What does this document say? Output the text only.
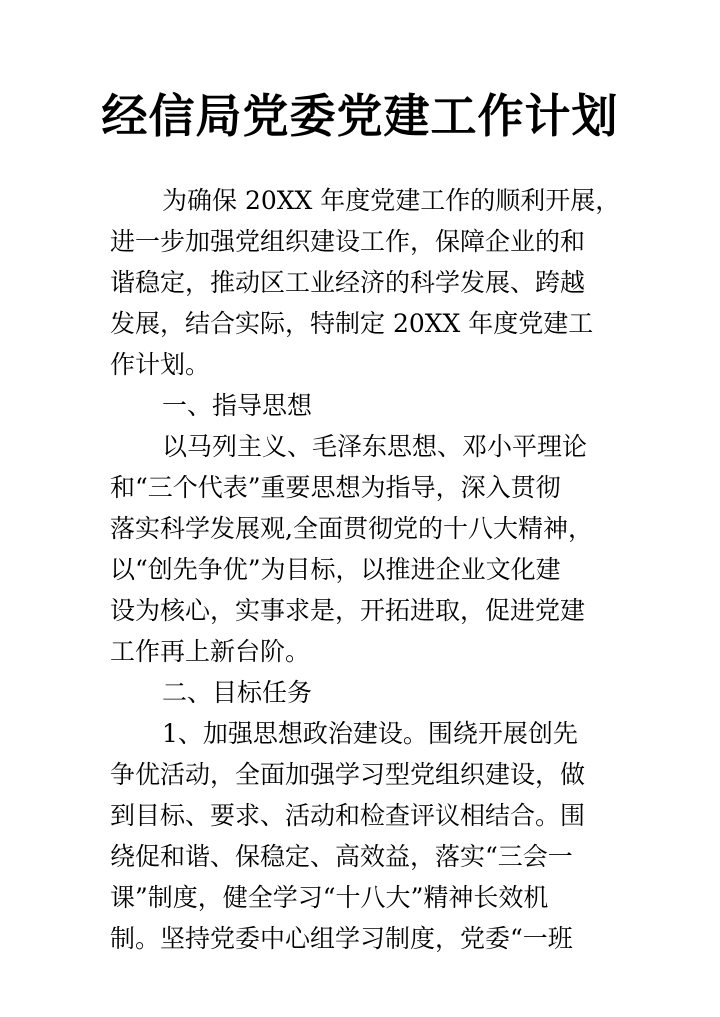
经信局党委党建工作计划
为确保 20XX 年度党建工作的顺利开展，
进一步加强党组织建设工作，保障企业的和
谐稳定，推动区工业经济的科学发展、跨越
发展，结合实际，特制定 20XX 年度党建工
作计划。
一、指导思想
以马列主义、毛泽东思想、邓小平理论
和“三个代表”重要思想为指导，深入贯彻
落实科学发展观,全面贯彻党的十八大精神，
以“创先争优”为目标，以推进企业文化建
设为核心，实事求是，开拓进取，促进党建
工作再上新台阶。
二、目标任务
1、加强思想政治建设。围绕开展创先
争优活动，全面加强学习型党组织建设，做
到目标、要求、活动和检查评议相结合。围
绕促和谐、保稳定、高效益，落实“三会一
课”制度，健全学习“十八大”精神长效机
制。坚持党委中心组学习制度，党委“一班
